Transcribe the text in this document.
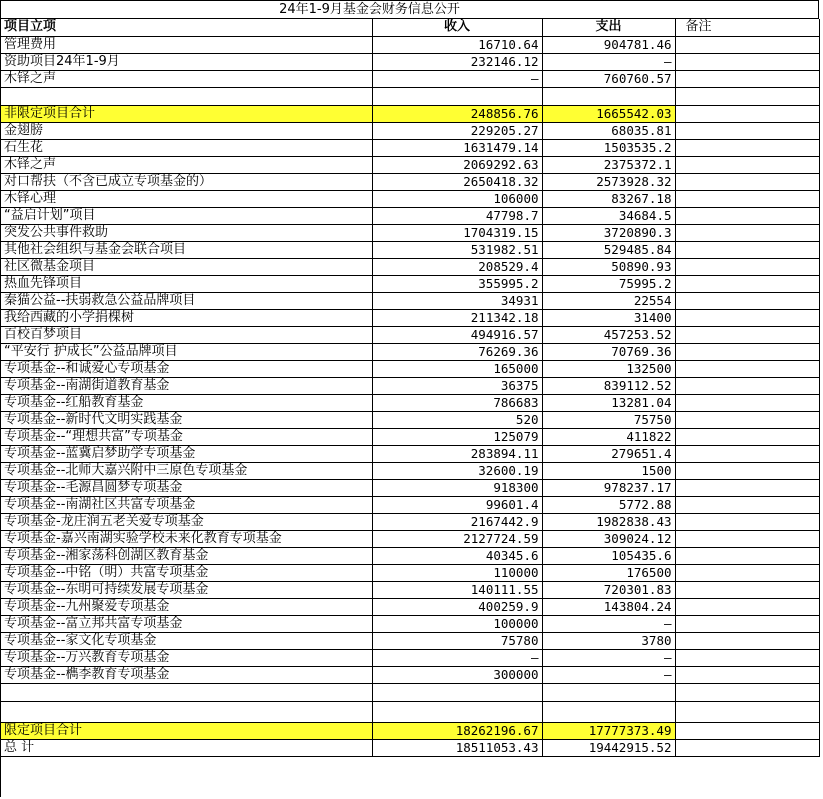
24年1-9月基金会财务信息公开
项目立项	收入	支出	备注
管理费用	16710.64	904781.46	
资助项目24年1-9月	232146.12	—	
木铎之声	—	760760.57	

非限定项目合计	248856.76	1665542.03	
金翅膀	229205.27	68035.81	
石生花	1631479.14	1503535.2	
木铎之声	2069292.63	2375372.1	
对口帮扶（不含已成立专项基金的）	2650418.32	2573928.32	
木铎心理	106000	83267.18	
“益启计划”项目	47798.7	34684.5	
突发公共事件救助	1704319.15	3720890.3	
其他社会组织与基金会联合项目	531982.51	529485.84	
社区微基金项目	208529.4	50890.93	
热血先锋项目	355995.2	75995.2	
秦猫公益--扶弱救急公益品牌项目	34931	22554	
我给西藏的小学捐棵树	211342.18	31400	
百校百梦项目	494916.57	457253.52	
“平安行 护成长”公益品牌项目	76269.36	70769.36	
专项基金--和诚爱心专项基金	165000	132500	
专项基金--南湖街道教育基金	36375	839112.52	
专项基金--红船教育基金	786683	13281.04	
专项基金--新时代文明实践基金	520	75750	
专项基金--“理想共富”专项基金	125079	411822	
专项基金--蓝冀启梦助学专项基金	283894.11	279651.4	
专项基金--北师大嘉兴附中三原色专项基金	32600.19	1500	
专项基金--毛源昌圆梦专项基金	918300	978237.17	
专项基金--南湖社区共富专项基金	99601.4	5772.88	
专项基金-龙庄润五老关爱专项基金	2167442.9	1982838.43	
专项基金-嘉兴南湖实验学校未来化教育专项基金	2127724.59	309024.12	
专项基金--湘家荡科创湖区教育基金	40345.6	105435.6	
专项基金--中铭（明）共富专项基金	110000	176500	
专项基金--东明可持续发展专项基金	140111.55	720301.83	
专项基金--九州聚爱专项基金	400259.9	143804.24	
专项基金--富立邦共富专项基金	100000	—	
专项基金--家文化专项基金	75780	3780	
专项基金--万兴教育专项基金	—	—	
专项基金--檇李教育专项基金	300000	—	

限定项目合计	18262196.67	17777373.49	
总 计	18511053.43	19442915.52	
